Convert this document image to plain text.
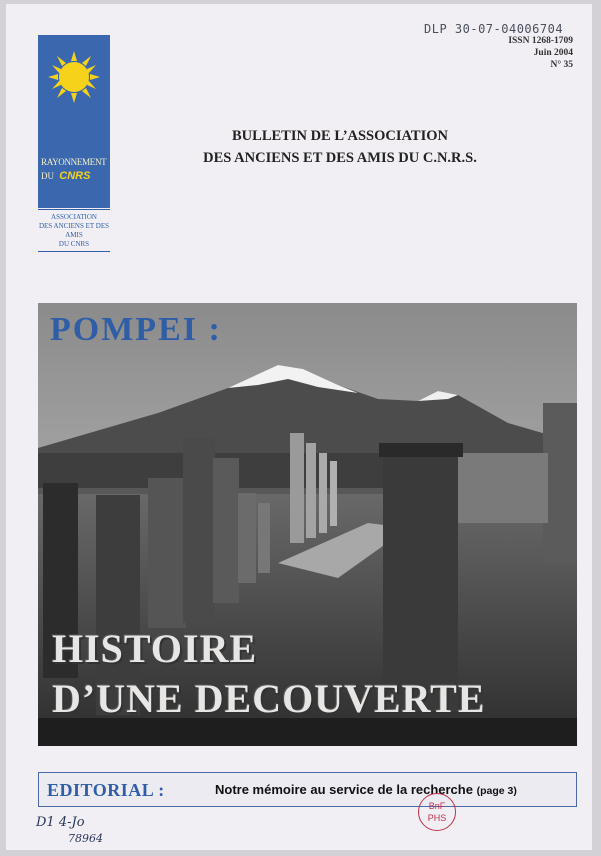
DLP 30-07-04006704
ISSN 1268-1709
Juin 2004
N° 35
RAYONNEMENT
DU CNRS
ASSOCIATION
DES ANCIENS ET DES AMIS
DU CNRS
BULLETIN DE L’ASSOCIATION
DES ANCIENS ET DES AMIS DU C.N.R.S.
POMPEI :
HISTOIRE
D’UNE DECOUVERTE
EDITORIAL :	Notre mémoire au service de la recherche (page 3)
BnF
PHS
D1 4-Jo
78964
